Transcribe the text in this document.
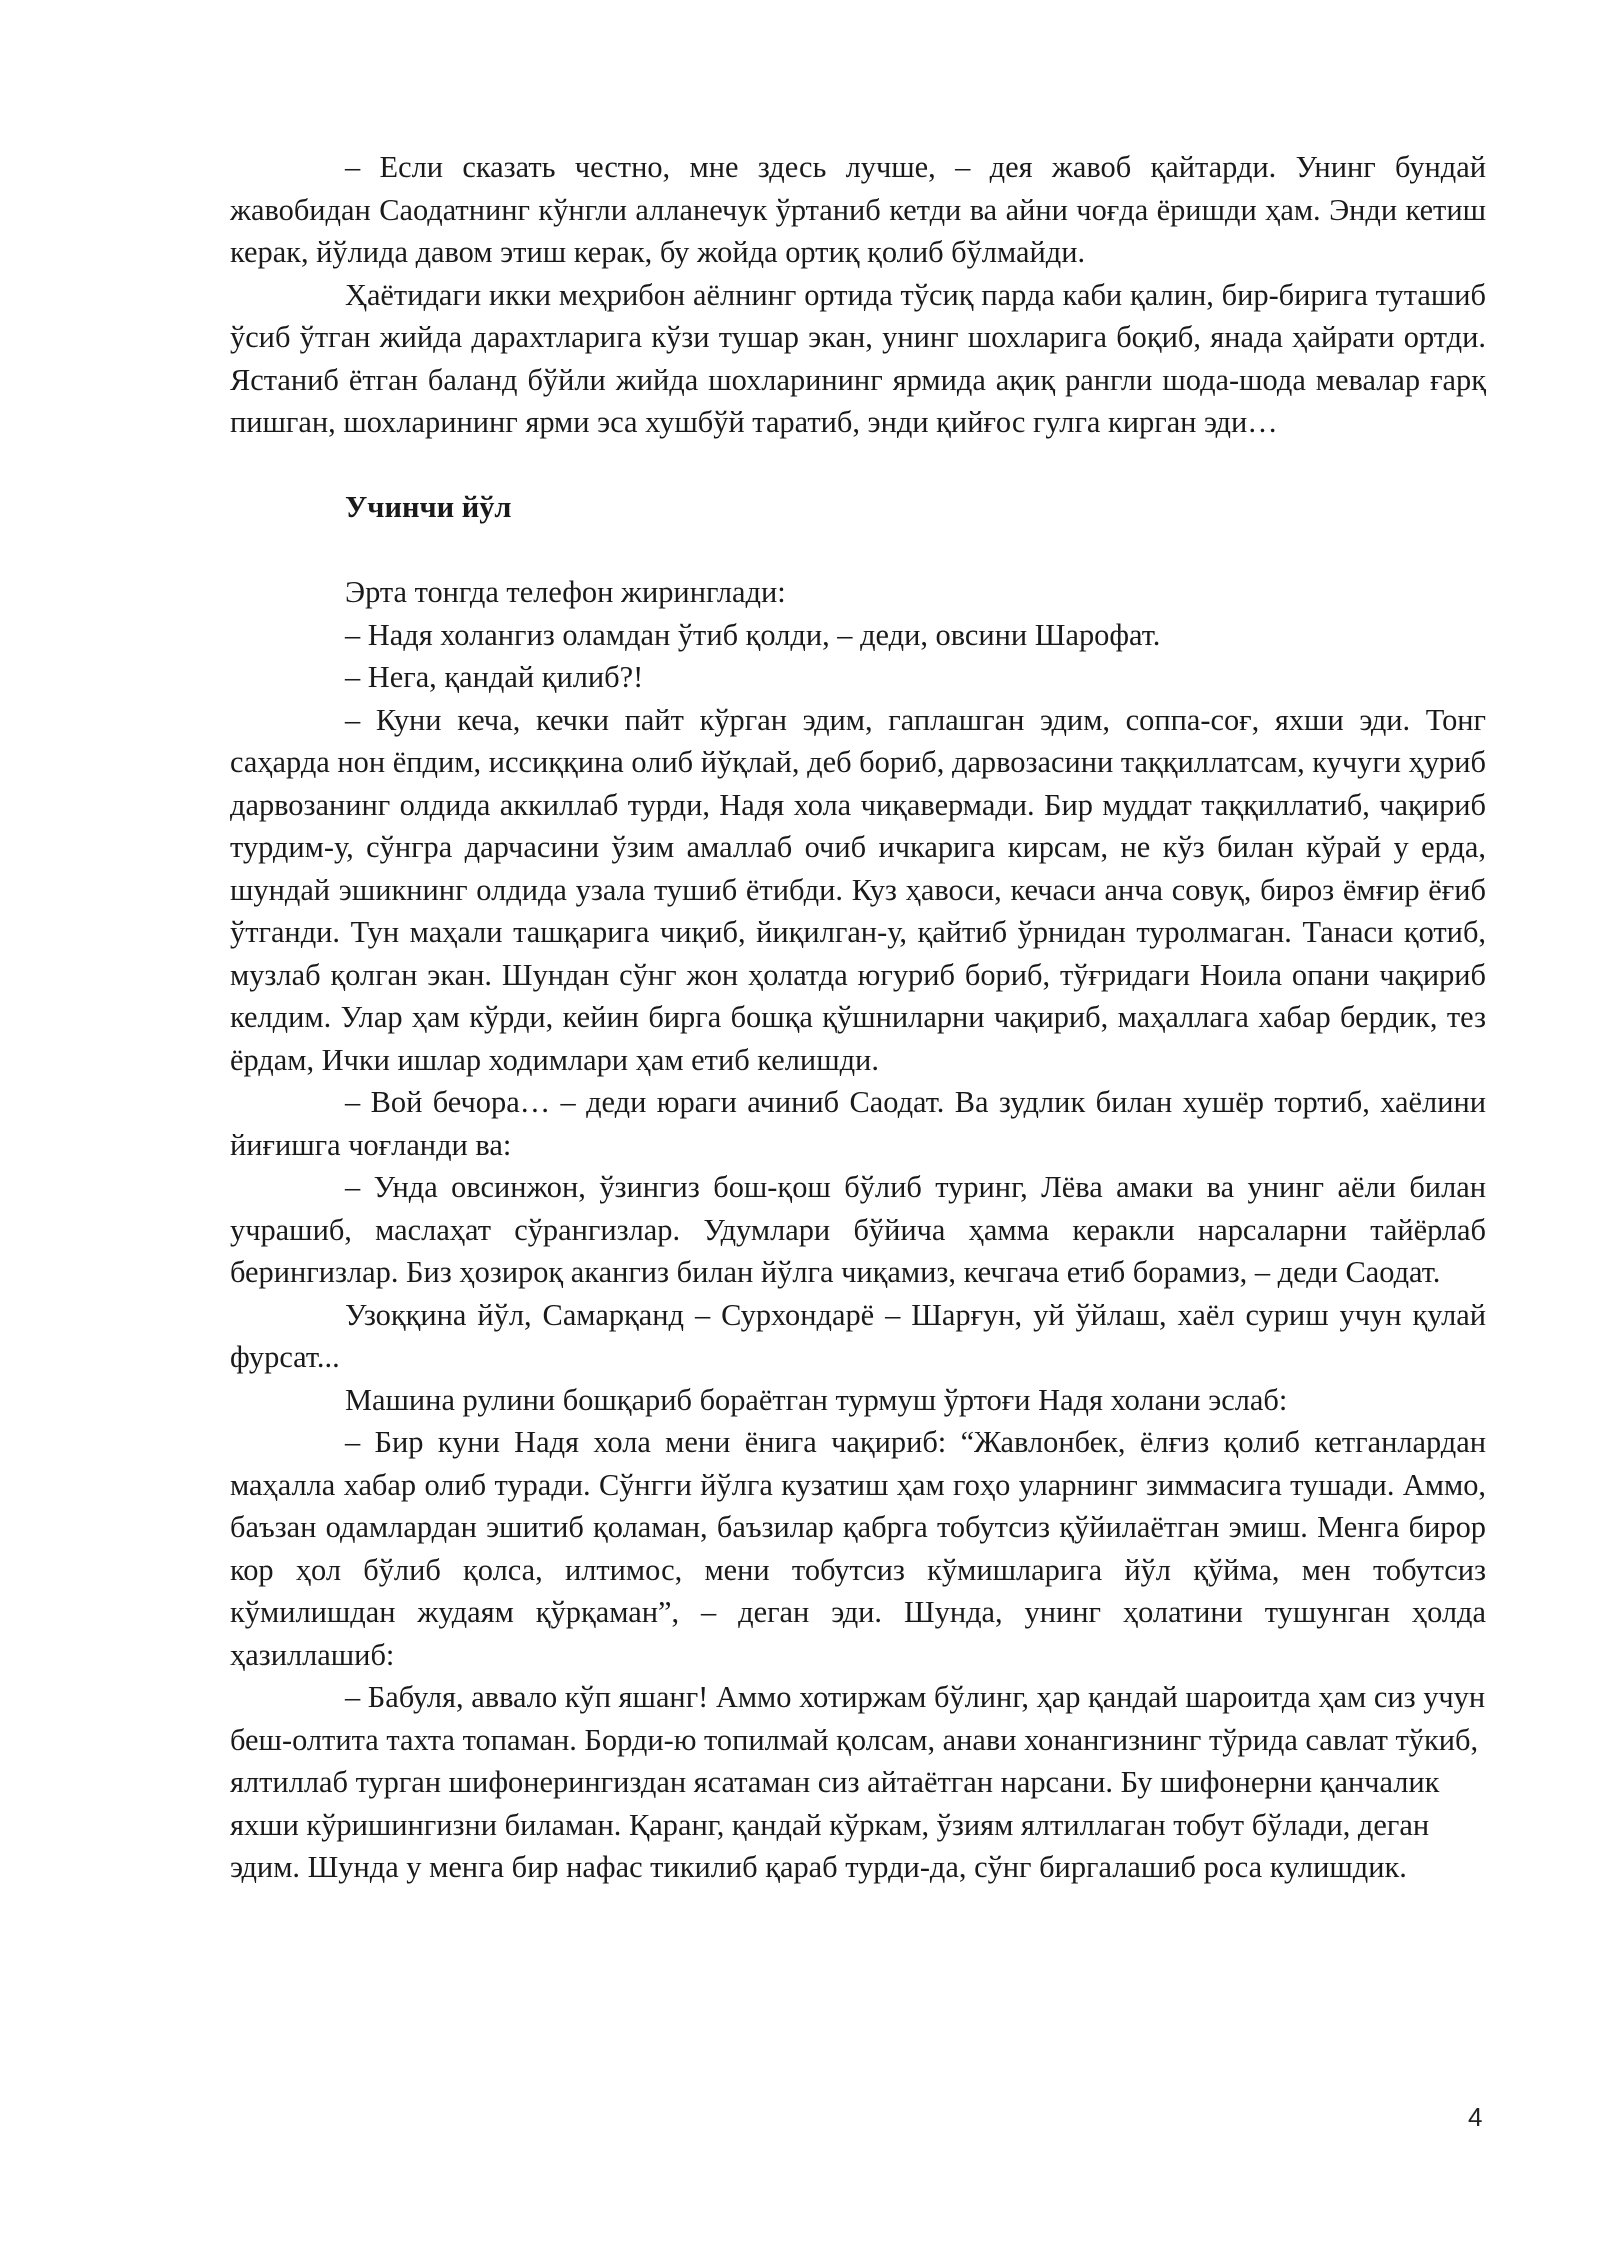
– Если сказать честно, мне здесь лучше, – дея жавоб қайтарди. Унинг бундай жавобидан Саодатнинг кўнгли алланечук ўртаниб кетди ва айни чоғда ёришди ҳам. Энди кетиш керак, йўлида давом этиш керак, бу жойда ортиқ қолиб бўлмайди.

Ҳаётидаги икки меҳрибон аёлнинг ортида тўсиқ парда каби қалин, бир-бирига туташиб ўсиб ўтган жийда дарахтларига кўзи тушар экан, унинг шохларига боқиб, янада ҳайрати ортди. Ястаниб ётган баланд бўйли жийда шохларининг ярмида ақиқ рангли шода-шода мевалар ғарқ пишган, шохларининг ярми эса хушбўй таратиб, энди қийғос гулга кирган эди…

Учинчи йўл

Эрта тонгда телефон жиринглади:

– Надя холангиз оламдан ўтиб қолди, – деди, овсини Шарофат.

– Нега, қандай қилиб?!

– Куни кеча, кечки пайт кўрган эдим, гаплашган эдим, соппа-соғ, яхши эди. Тонг саҳарда нон ёпдим, иссиққина олиб йўқлай, деб бориб, дарвозасини таққиллатсам, кучуги ҳуриб дарвозанинг олдида аккиллаб турди, Надя хола чиқавермади. Бир муддат таққиллатиб, чақириб турдим-у, сўнгра дарчасини ўзим амаллаб очиб ичкарига кирсам, не кўз билан кўрай у ерда, шундай эшикнинг олдида узала тушиб ётибди. Куз ҳавоси, кечаси анча совуқ, бироз ёмғир ёғиб ўтганди. Тун маҳали ташқарига чиқиб, йиқилган-у, қайтиб ўрнидан туролмаган. Танаси қотиб, музлаб қолган экан. Шундан сўнг жон ҳолатда югуриб бориб, тўғридаги Ноила опани чақириб келдим. Улар ҳам кўрди, кейин бирга бошқа қўшниларни чақириб, маҳаллага хабар бердик, тез ёрдам, Ички ишлар ходимлари ҳам етиб келишди.

– Вой бечора… – деди юраги ачиниб Саодат. Ва зудлик билан хушёр тортиб, хаёлини йиғишга чоғланди ва:

– Унда овсинжон, ўзингиз бош-қош бўлиб туринг, Лёва амаки ва унинг аёли билан учрашиб, маслаҳат сўрангизлар. Удумлари бўйича ҳамма керакли нарсаларни тайёрлаб берингизлар. Биз ҳозироқ акангиз билан йўлга чиқамиз, кечгача етиб борамиз, – деди Саодат.

Узоққина йўл, Самарқанд – Сурхондарё – Шарғун, уй ўйлаш, хаёл суриш учун қулай фурсат...

Машина рулини бошқариб бораётган турмуш ўртоғи Надя холани эслаб:

– Бир куни Надя хола мени ёнига чақириб: “Жавлонбек, ёлғиз қолиб кетганлардан маҳалла хабар олиб туради. Сўнгги йўлга кузатиш ҳам гоҳо уларнинг зиммасига тушади. Аммо, баъзан одамлардан эшитиб қоламан, баъзилар қабрга тобутсиз қўйилаётган эмиш. Менга бирор кор ҳол бўлиб қолса, илтимос, мени тобутсиз кўмишларига йўл қўйма, мен тобутсиз кўмилишдан жудаям қўрқаман”, – деган эди. Шунда, унинг ҳолатини тушунган ҳолда ҳазиллашиб:

– Бабуля, аввало кўп яшанг! Аммо хотиржам бўлинг, ҳар қандай шароитда ҳам сиз учун беш-олтита тахта топаман. Борди-ю топилмай қолсам, анави хонангизнинг тўрида савлат тўкиб, ялтиллаб турган шифонерингиздан ясатаман сиз айтаётган нарсани. Бу шифонерни қанчалик яхши кўришингизни биламан. Қаранг, қандай кўркам, ўзиям ялтиллаган тобут бўлади, деган эдим. Шунда у менга бир нафас тикилиб қараб турди-да, сўнг биргалашиб роса кулишдик.

4
